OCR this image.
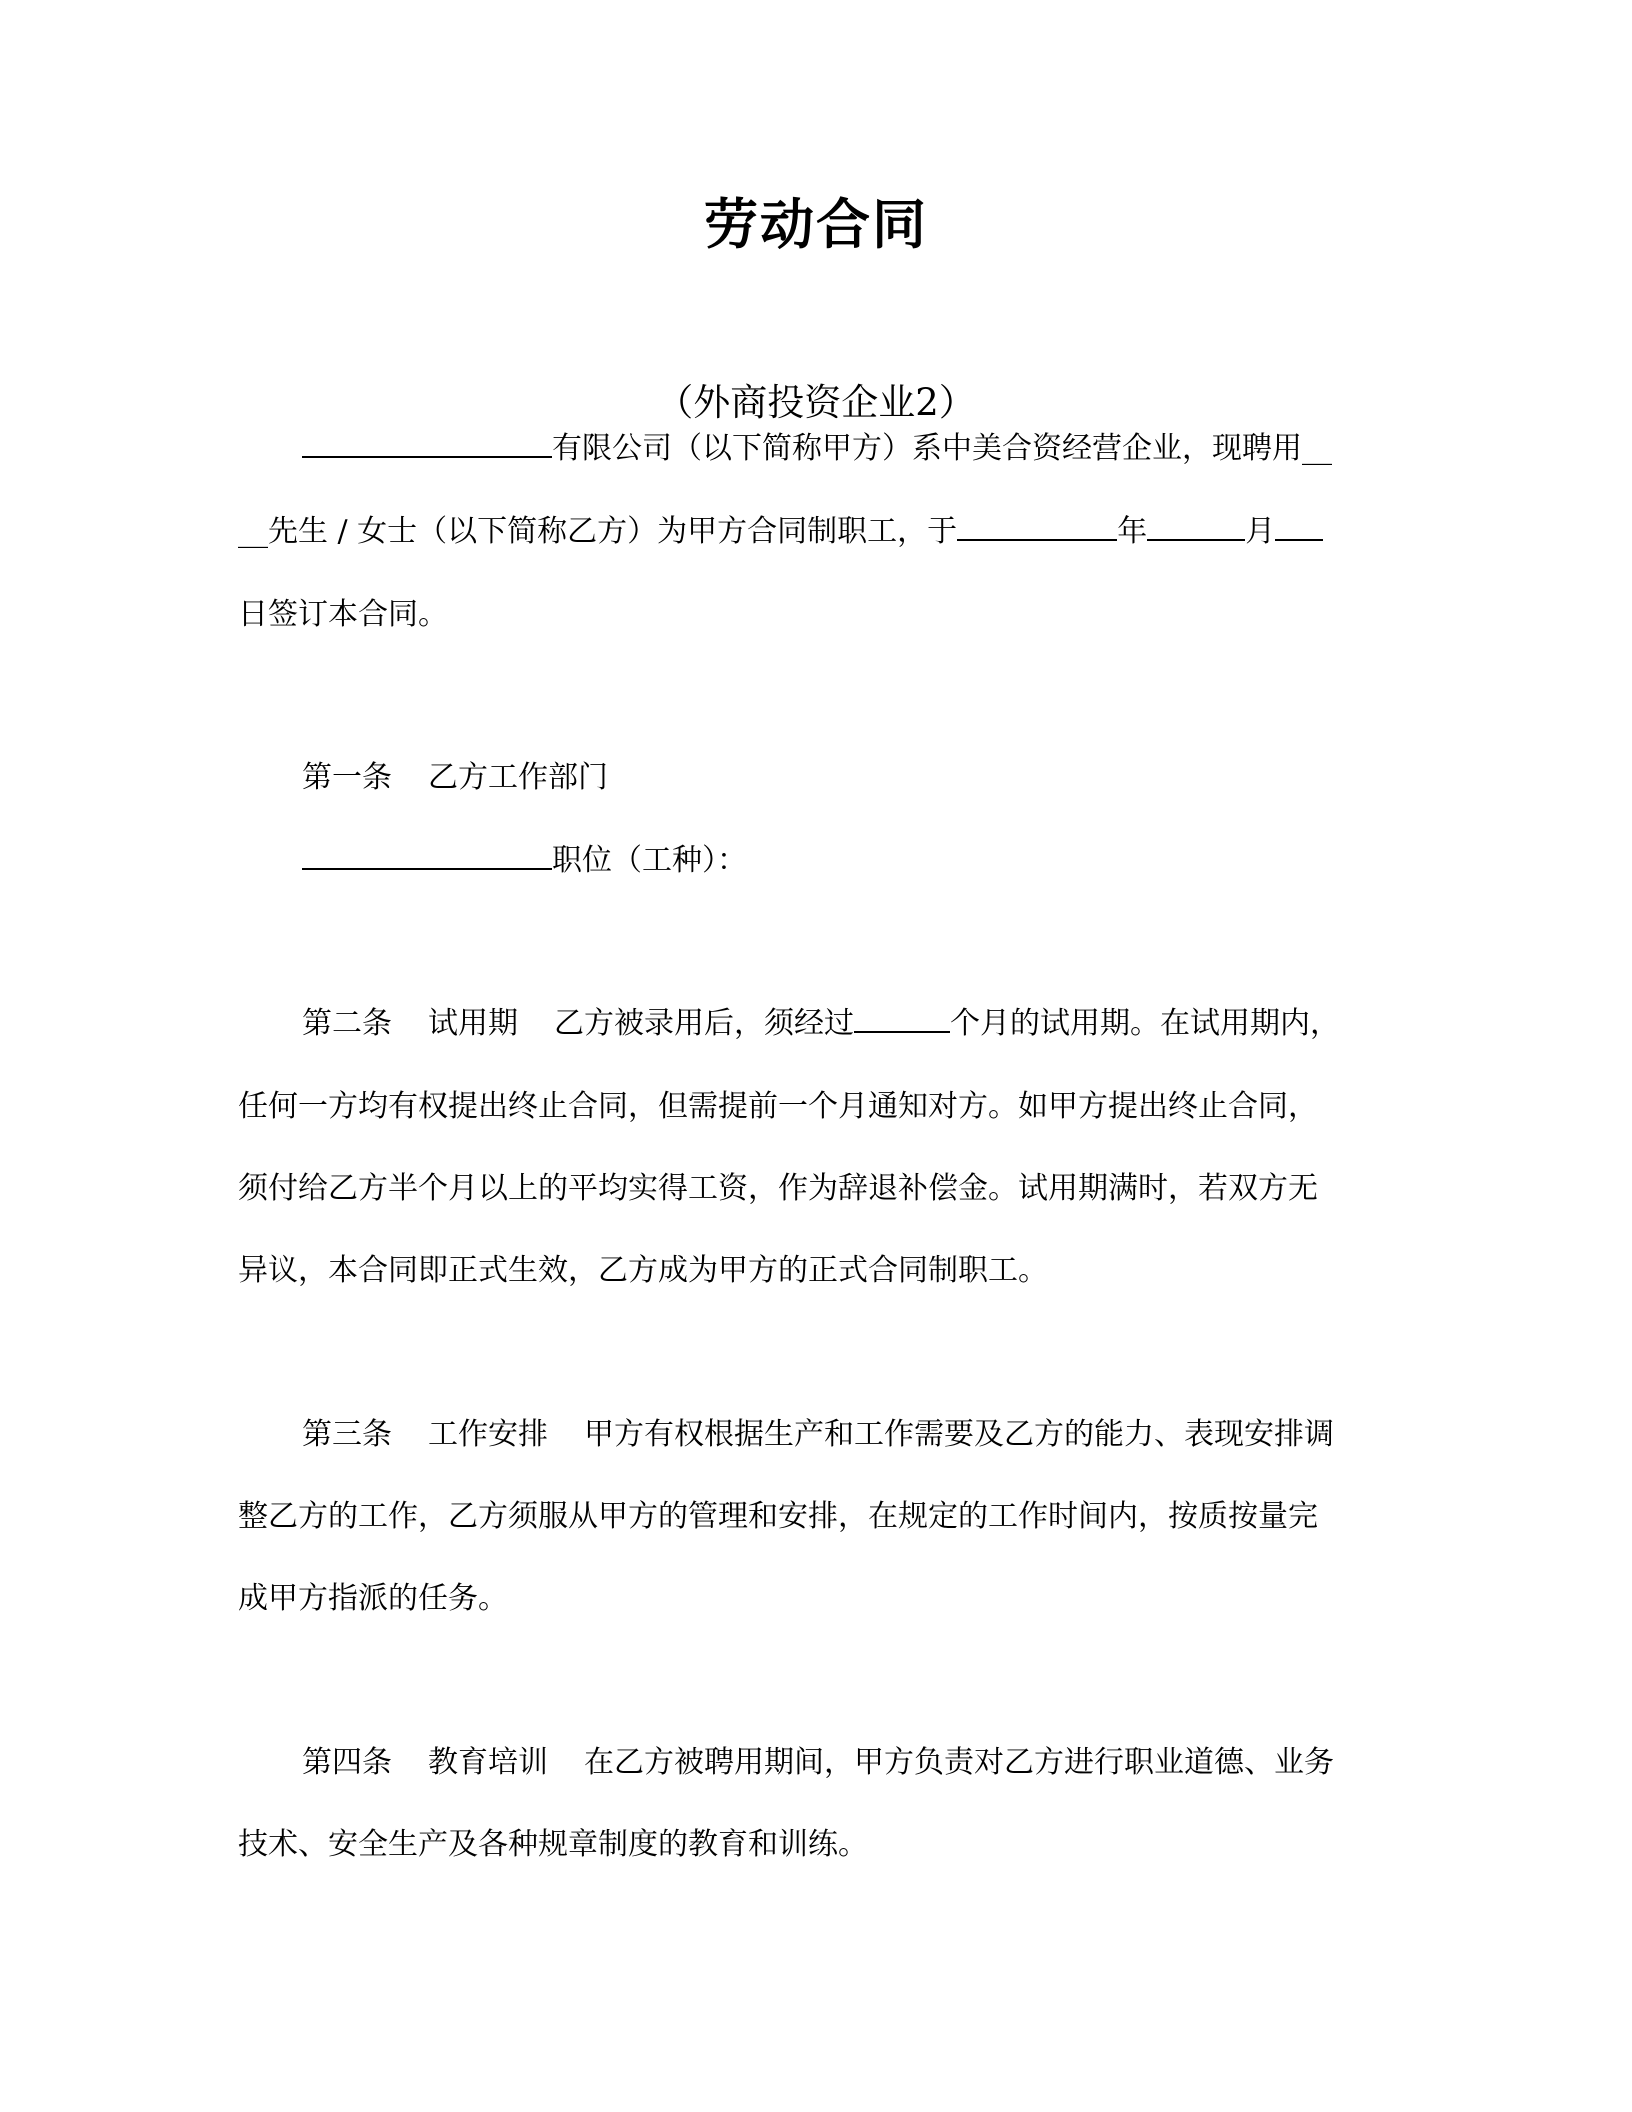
劳动合同
（外商投资企业2）
有限公司（以下简称甲方）系中美合资经营企业，现聘用__
__先生 / 女士（以下简称乙方）为甲方合同制职工，于	年	月
日签订本合同。
第一条 乙方工作部门
职位（工种）：
第二条 试用期 乙方被录用后，须经过	个月的试用期。在试用期内，
任何一方均有权提出终止合同，但需提前一个月通知对方。如甲方提出终止合同，
须付给乙方半个月以上的平均实得工资，作为辞退补偿金。试用期满时，若双方无
异议，本合同即正式生效，乙方成为甲方的正式合同制职工。
第三条 工作安排 甲方有权根据生产和工作需要及乙方的能力、表现安排调
整乙方的工作，乙方须服从甲方的管理和安排，在规定的工作时间内，按质按量完
成甲方指派的任务。
第四条 教育培训 在乙方被聘用期间，甲方负责对乙方进行职业道德、业务
技术、安全生产及各种规章制度的教育和训练。
